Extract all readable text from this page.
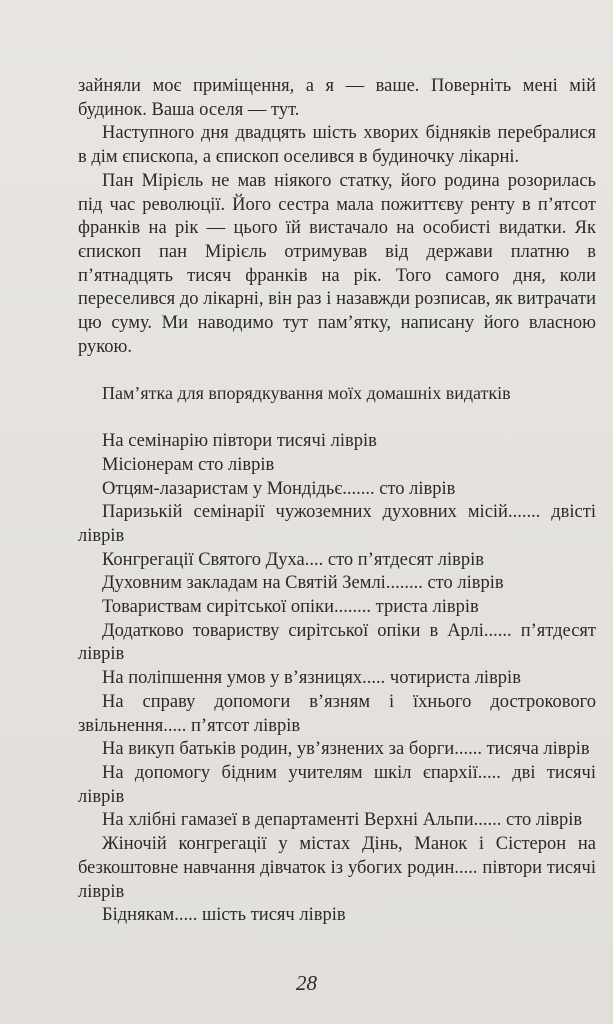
зайняли моє приміщення, а я — ваше. Поверніть мені мій будинок. Ваша оселя — тут.

Наступного дня двадцять шість хворих бідняків перебралися в дім єпископа, а єпископ оселився в будиночку лікарні.

Пан Мірієль не мав ніякого статку, його родина розорилась під час революції. Його сестра мала пожиттєву ренту в п’ятсот франків на рік — цього їй вистачало на особисті видатки. Як єпископ пан Мірієль отримував від держави платню в п’ятнадцять тисяч франків на рік. Того самого дня, коли переселився до лікарні, він раз і назавжди розписав, як витрачати цю суму. Ми наводимо тут пам’ятку, написану його власною рукою.

Пам’ятка для впорядкування моїх домашніх видатків

На семінарію півтори тисячі ліврів

Місіонерам сто ліврів

Отцям-лазаристам у Мондідьє....... сто ліврів

Паризькій семінарії чужоземних духовних місій....... двісті ліврів

Конгрегації Святого Духа.... сто п’ятдесят ліврів

Духовним закладам на Святій Землі........ сто ліврів

Товариствам сирітської опіки........ триста ліврів

Додатково товариству сирітської опіки в Арлі...... п’ятдесят ліврів

На поліпшення умов у в’язницях..... чотириста ліврів

На справу допомоги в’язням і їхнього дострокового звільнення..... п’ятсот ліврів

На викуп батьків родин, ув’язнених за борги...... тисяча ліврів

На допомогу бідним учителям шкіл єпархії..... дві тисячі ліврів

На хлібні гамазеї в департаменті Верхні Альпи...... сто ліврів

Жіночій конгрегації у містах Дінь, Манок і Сістерон на безкоштовне навчання дівчаток із убогих родин..... півтори тисячі ліврів

Біднякам..... шість тисяч ліврів

28
